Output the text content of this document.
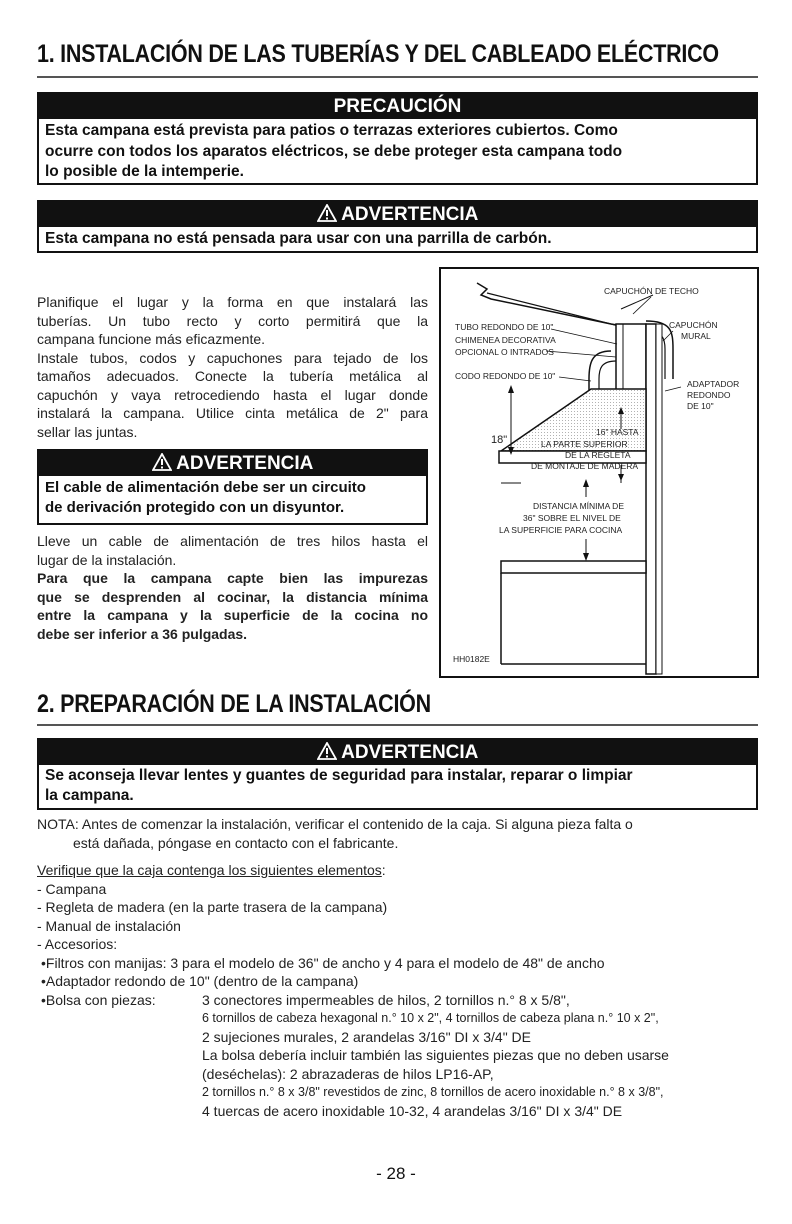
1. INSTALACIÓN DE LAS TUBERÍAS Y DEL CABLEADO ELÉCTRICO
PRECAUCIÓN
Esta campana está prevista para patios o terrazas exteriores cubiertos. Como
ocurre con todos los aparatos eléctricos, se debe proteger esta campana todo
lo posible de la intemperie.
ADVERTENCIA
Esta campana no está pensada para usar con una parrilla de carbón.
Planifique el lugar y la forma en que instalará las
tuberías. Un tubo recto y corto permitirá que la
campana funcione más eficazmente.
Instale tubos, codos y capuchones para tejado de los
tamaños adecuados. Conecte la tubería metálica al
capuchón y vaya retrocediendo hasta el lugar donde
instalará la campana. Utilice cinta metálica de 2" para
sellar las juntas.
ADVERTENCIA
El cable de alimentación debe ser un circuito
de derivación protegido con un disyuntor.
Lleve un cable de alimentación de tres hilos hasta el
lugar de la instalación.
Para que la campana capte bien las impurezas
que se desprenden al cocinar, la distancia mínima
entre la campana y la superficie de la cocina no
debe ser inferior a 36 pulgadas.
CAPUCHÓN DE TECHO
TUBO REDONDO DE 10"
CHIMENEA DECORATIVA
OPCIONAL O INTRADOS
CAPUCHÓN
MURAL
CODO REDONDO DE 10"
ADAPTADOR
REDONDO
DE 10"
18"
16" HASTA
LA PARTE SUPERIOR
DE LA REGLETA
DE MONTAJE DE MADERA
DISTANCIA MÍNIMA DE
36" SOBRE EL NIVEL DE
LA SUPERFICIE PARA COCINA
HH0182E
2. PREPARACIÓN DE LA INSTALACIÓN
ADVERTENCIA
Se aconseja llevar lentes y guantes de seguridad para instalar, reparar o limpiar
la campana.
NOTA: Antes de comenzar la instalación, verificar el contenido de la caja. Si alguna pieza falta o
está dañada, póngase en contacto con el fabricante.
Verifique que la caja contenga los siguientes elementos:
- Campana
- Regleta de madera (en la parte trasera de la campana)
- Manual de instalación
- Accesorios:
•Filtros con manijas: 3 para el modelo de 36" de ancho y 4 para el modelo de 48" de ancho
•Adaptador redondo de 10" (dentro de la campana)
•Bolsa con piezas:	3 conectores impermeables de hilos, 2 tornillos n.° 8 x 5/8",
6 tornillos de cabeza hexagonal n.° 10 x 2", 4 tornillos de cabeza plana n.° 10 x 2",
2 sujeciones murales, 2 arandelas 3/16" DI x 3/4" DE
La bolsa debería incluir también las siguientes piezas que no deben usarse
(deséchelas): 2 abrazaderas de hilos LP16-AP,
2 tornillos n.° 8 x 3/8" revestidos de zinc, 8 tornillos de acero inoxidable n.° 8 x 3/8",
4 tuercas de acero inoxidable 10-32, 4 arandelas 3/16" DI x 3/4" DE
- 28 -
